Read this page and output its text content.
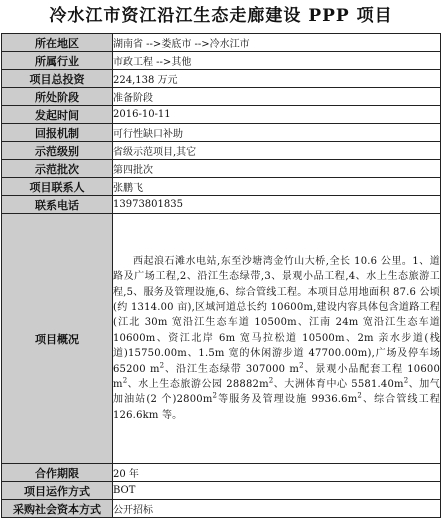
冷水江市资江沿江生态走廊建设 PPP 项目
所在地区	湖南省 -->娄底市 -->冷水江市
所属行业	市政工程 -->其他
项目总投资	224,138 万元
所处阶段	准备阶段
发起时间	2016-10-11
回报机制	可行性缺口补助
示范级别	省级示范项目,其它
示范批次	第四批次
项目联系人	张鹏飞
联系电话	13973801835
项目概况	西起浪石滩水电站,东至沙塘湾金竹山大桥,全长 10.6 公里。1、道路及广场工程,2、沿江生态绿带,3、景观小品工程,4、水上生态旅游工程,5、服务及管理设施,6、综合管线工程。本项目总用地面积 87.6 公顷(约 1314.00 亩),区域河道总长约 10600m,建设内容具体包含道路工程(江北 30m 宽沿江生态车道 10500m、江南 24m 宽沿江生态车道 10600m、资江北岸 6m 宽马拉松道 10500m、2m 亲水步道(栈道)15750.00m、1.5m 宽的休闲游步道 47700.00m),广场及停车场 65200 $m^2$、沿江生态绿带 307000 $m^2$、景观小品配套工程 10600 $m^2$、水上生态旅游公园 $28882m^2$、大洲体育中心 $5581.40m^2$、加气加油站(2 个)$2800m^2$等服务及管理设施 $9936.6m^2$、综合管线工程 126.6km 等。
合作期限	20 年
项目运作方式	BOT
采购社会资本方式	公开招标
